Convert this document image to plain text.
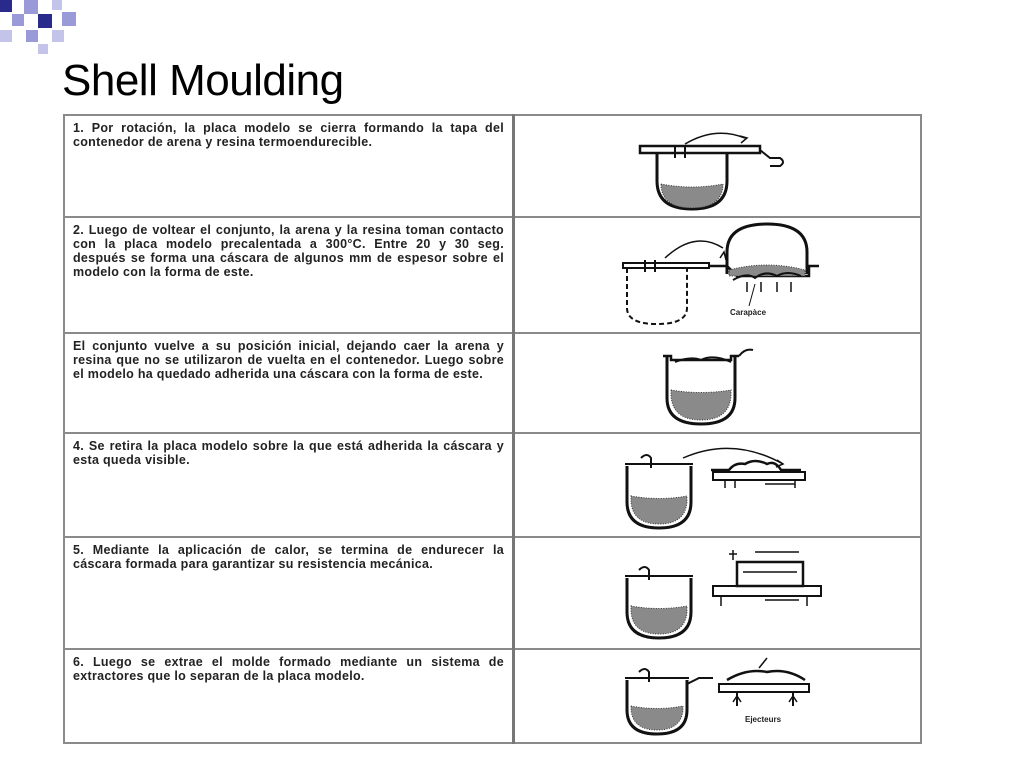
Shell Moulding

1. Por rotación, la placa modelo se cierra formando la tapa del contenedor de arena y resina termoendurecible.

2. Luego de voltear el conjunto, la arena y la resina toman contacto con la placa modelo precalentada a 300°C. Entre 20 y 30 seg. después se forma una cáscara de algunos mm de espesor sobre el modelo con la forma de este.	Carapàce

El conjunto vuelve a su posición inicial, dejando caer la arena y resina que no se utilizaron de vuelta en el contenedor. Luego sobre el modelo ha quedado adherida una cáscara con la forma de este.

4. Se retira la placa modelo sobre la que está adherida la cáscara y esta queda visible.

5. Mediante la aplicación de calor, se termina de endurecer la cáscara formada para garantizar su resistencia mecánica.

6. Luego se extrae el molde formado mediante un sistema de extractores que lo separan de la placa modelo.	Ejecteurs
